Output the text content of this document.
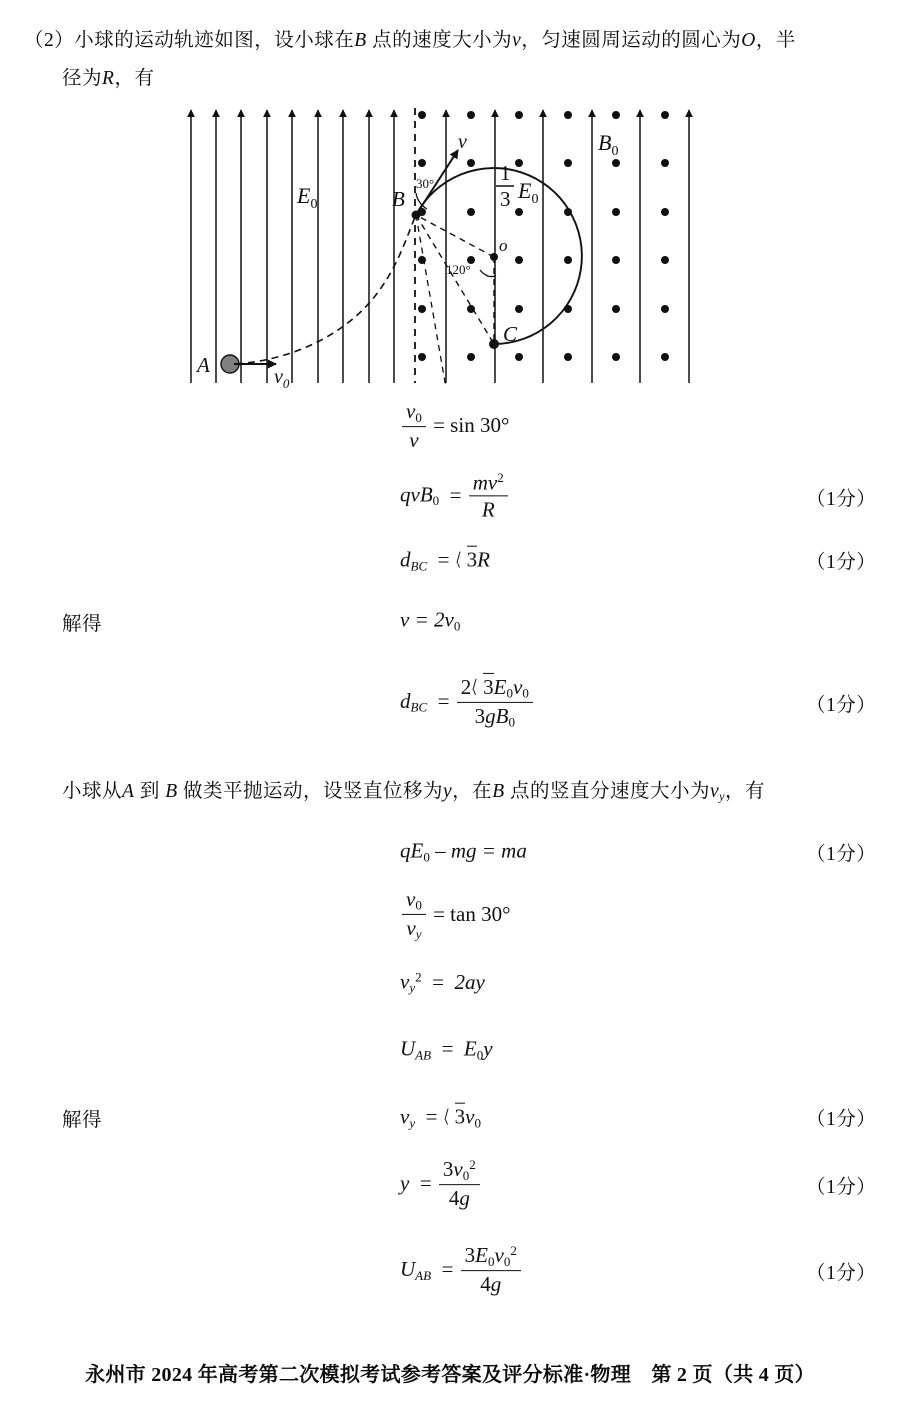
（2）小球的运动轨迹如图，设小球在B 点的速度大小为v，匀速圆周运动的圆心为O，半
径为R，有
A
B
C
o
v
$v_0$
30°
120°
$E_0$
$B_0$
1
3 $E_0$
$\frac{v_0}{v} = \sin 30^\circ$
$qvB_0 = \frac{mv^2}{R}$	（1分）
$d_{BC} = 3R$	（1分）
解得	$v = 2v_0$
$d_{BC} = \frac{2 3E_0v_0}{3gB_0}$	（1分）
小球从A 到 B 做类平抛运动，设竖直位移为y，在B 点的竖直分速度大小为$v_y$，有
$qE_0$ – mg = ma	（1分）
$\frac{v_0}{v_y} = \tan 30^\circ$
$v_y^2 = 2ay$
$U_{AB} = E_0y$
解得	$v_y = 3v_0$	（1分）
$y = \frac{3v_0^2}{4g}$	（1分）
$U_{AB} = \frac{3E_0v_0^2}{4g}$	（1分）
永州市 2024 年高考第二次模拟考试参考答案及评分标准·物理　第 2 页（共 4 页）
